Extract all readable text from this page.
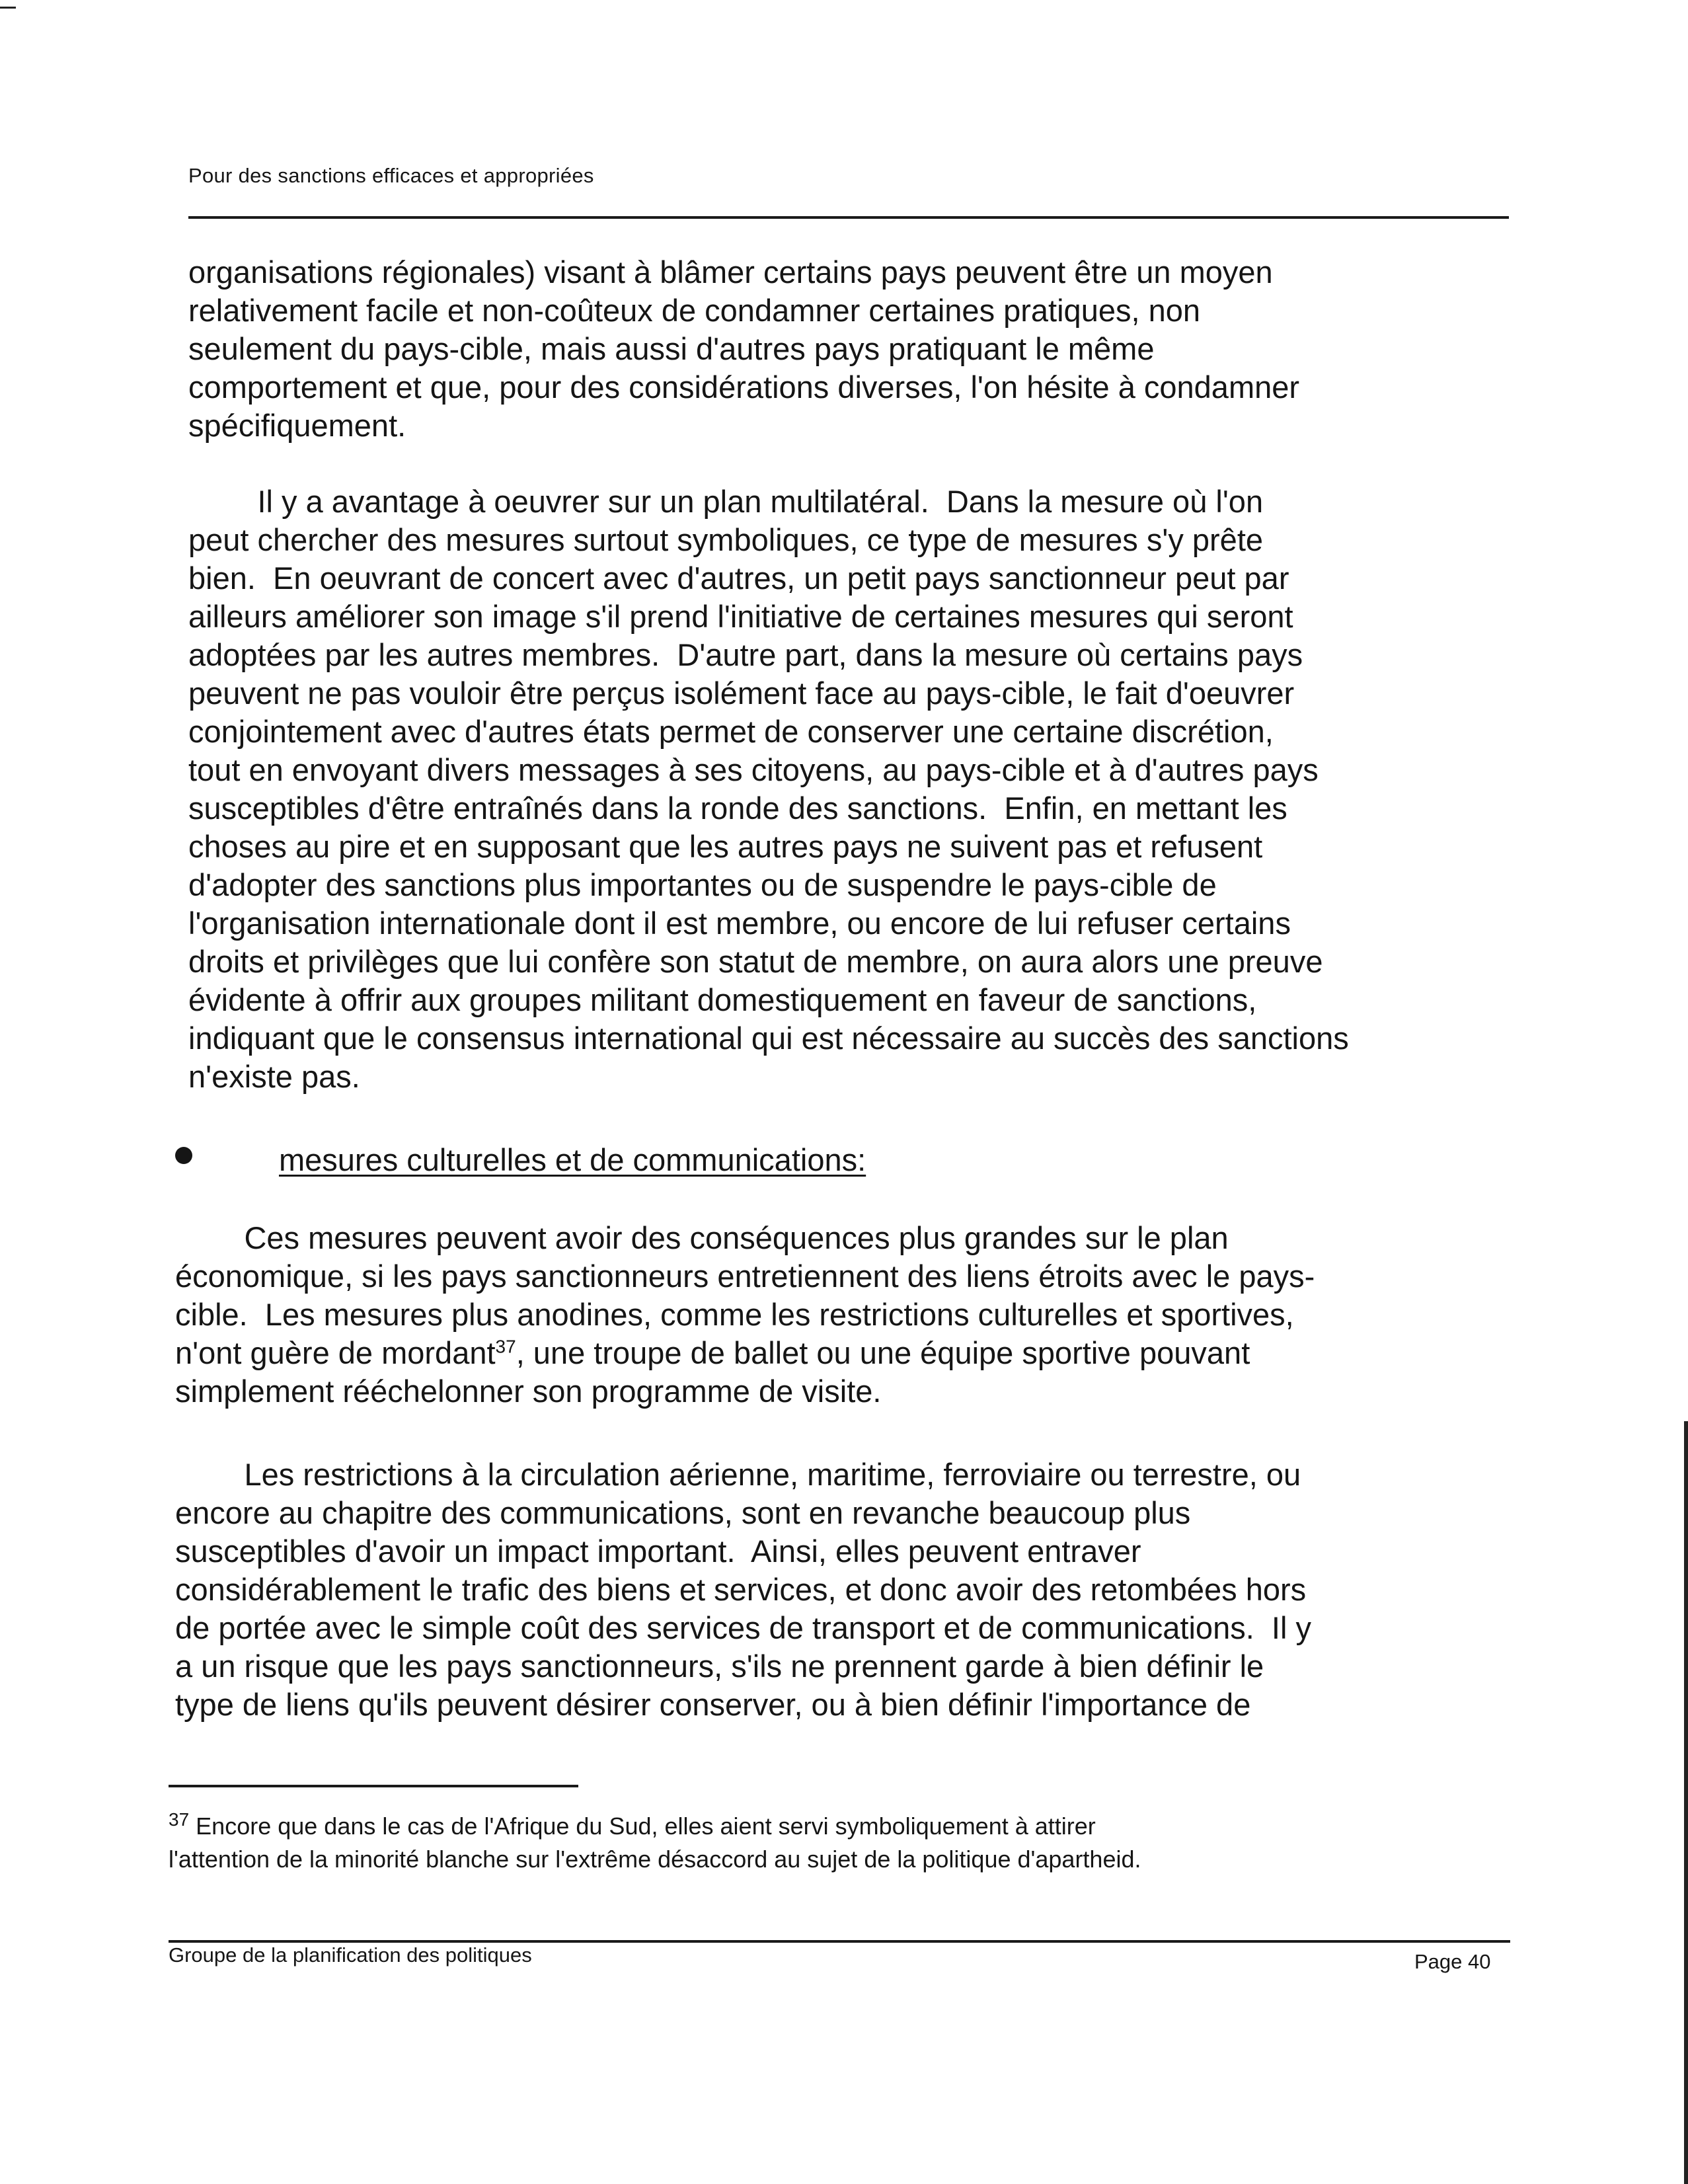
Pour des sanctions efficaces et appropriées

organisations régionales) visant à blâmer certains pays peuvent être un moyen
relativement facile et non-coûteux de condamner certaines pratiques, non
seulement du pays-cible, mais aussi d'autres pays pratiquant le même
comportement et que, pour des considérations diverses, l'on hésite à condamner
spécifiquement.

Il y a avantage à oeuvrer sur un plan multilatéral.  Dans la mesure où l'on
peut chercher des mesures surtout symboliques, ce type de mesures s'y prête
bien.  En oeuvrant de concert avec d'autres, un petit pays sanctionneur peut par
ailleurs améliorer son image s'il prend l'initiative de certaines mesures qui seront
adoptées par les autres membres.  D'autre part, dans la mesure où certains pays
peuvent ne pas vouloir être perçus isolément face au pays-cible, le fait d'oeuvrer
conjointement avec d'autres états permet de conserver une certaine discrétion,
tout en envoyant divers messages à ses citoyens, au pays-cible et à d'autres pays
susceptibles d'être entraînés dans la ronde des sanctions.  Enfin, en mettant les
choses au pire et en supposant que les autres pays ne suivent pas et refusent
d'adopter des sanctions plus importantes ou de suspendre le pays-cible de
l'organisation internationale dont il est membre, ou encore de lui refuser certains
droits et privilèges que lui confère son statut de membre, on aura alors une preuve
évidente à offrir aux groupes militant domestiquement en faveur de sanctions,
indiquant que le consensus international qui est nécessaire au succès des sanctions
n'existe pas.

mesures culturelles et de communications:

Ces mesures peuvent avoir des conséquences plus grandes sur le plan
économique, si les pays sanctionneurs entretiennent des liens étroits avec le pays-
cible.  Les mesures plus anodines, comme les restrictions culturelles et sportives,
n'ont guère de mordant$^{37}$, une troupe de ballet ou une équipe sportive pouvant
simplement rééchelonner son programme de visite.

Les restrictions à la circulation aérienne, maritime, ferroviaire ou terrestre, ou
encore au chapitre des communications, sont en revanche beaucoup plus
susceptibles d'avoir un impact important.  Ainsi, elles peuvent entraver
considérablement le trafic des biens et services, et donc avoir des retombées hors
de portée avec le simple coût des services de transport et de communications.  Il y
a un risque que les pays sanctionneurs, s'ils ne prennent garde à bien définir le
type de liens qu'ils peuvent désirer conserver, ou à bien définir l'importance de

$^{37}$ Encore que dans le cas de l'Afrique du Sud, elles aient servi symboliquement à attirer
l'attention de la minorité blanche sur l'extrême désaccord au sujet de la politique d'apartheid.

Groupe de la planification des politiques	Page 40
